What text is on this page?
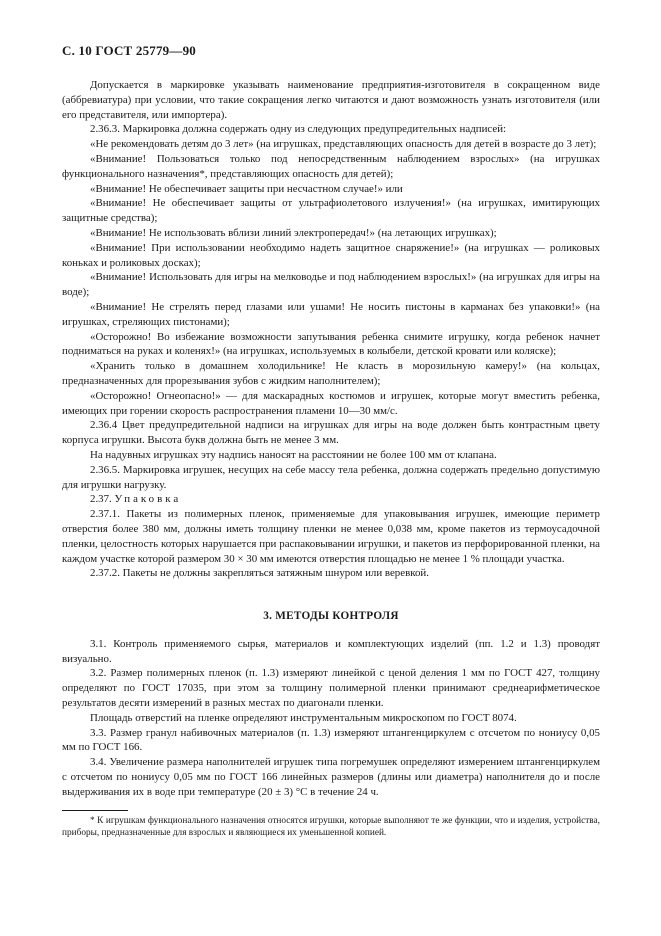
С. 10 ГОСТ 25779—90

Допускается в маркировке указывать наименование предприятия-изготовителя в сокращенном виде (аббревиатура) при условии, что такие сокращения легко читаются и дают возможность узнать изготовителя (или его представителя, или импортера).

2.36.3. Маркировка должна содержать одну из следующих предупредительных надписей:

«Не рекомендовать детям до 3 лет» (на игрушках, представляющих опасность для детей в возрасте до 3 лет);

«Внимание! Пользоваться только под непосредственным наблюдением взрослых» (на игрушках функционального назначения*, представляющих опасность для детей);

«Внимание! Не обеспечивает защиты при несчастном случае!» или

«Внимание! Не обеспечивает защиты от ультрафиолетового излучения!» (на игрушках, имитирующих защитные средства);

«Внимание! Не использовать вблизи линий электропередач!» (на летающих игрушках);

«Внимание! При использовании необходимо надеть защитное снаряжение!» (на игрушках — роликовых коньках и роликовых досках);

«Внимание! Использовать для игры на мелководье и под наблюдением взрослых!» (на игрушках для игры на воде);

«Внимание! Не стрелять перед глазами или ушами! Не носить пистоны в карманах без упаковки!» (на игрушках, стреляющих пистонами);

«Осторожно! Во избежание возможности запутывания ребенка снимите игрушку, когда ребенок начнет подниматься на руках и коленях!» (на игрушках, используемых в колыбели, детской кровати или коляске);

«Хранить только в домашнем холодильнике! Не класть в морозильную камеру!» (на кольцах, предназначенных для прорезывания зубов с жидким наполнителем);

«Осторожно! Огнеопасно!» — для маскарадных костюмов и игрушек, которые могут вместить ребенка, имеющих при горении скорость распространения пламени 10—30 мм/с.

2.36.4 Цвет предупредительной надписи на игрушках для игры на воде должен быть контрастным цвету корпуса игрушки. Высота букв должна быть не менее 3 мм.

На надувных игрушках эту надпись наносят на расстоянии не более 100 мм от клапана.

2.36.5. Маркировка игрушек, несущих на себе массу тела ребенка, должна содержать предельно допустимую для игрушки нагрузку.

2.37. Упаковка

2.37.1. Пакеты из полимерных пленок, применяемые для упаковывания игрушек, имеющие периметр отверстия более 380 мм, должны иметь толщину пленки не менее 0,038 мм, кроме пакетов из термоусадочной пленки, целостность которых нарушается при распаковывании игрушки, и пакетов из перфорированной пленки, на каждом участке которой размером 30 × 30 мм имеются отверстия площадью не менее 1 % площади участка.

2.37.2. Пакеты не должны закрепляться затяжным шнуром или веревкой.

3. МЕТОДЫ КОНТРОЛЯ

3.1. Контроль применяемого сырья, материалов и комплектующих изделий (пп. 1.2 и 1.3) проводят визуально.

3.2. Размер полимерных пленок (п. 1.3) измеряют линейкой с ценой деления 1 мм по ГОСТ 427, толщину определяют по ГОСТ 17035, при этом за толщину полимерной пленки принимают среднеарифметическое результатов десяти измерений в разных местах по диагонали пленки.

Площадь отверстий на пленке определяют инструментальным микроскопом по ГОСТ 8074.

3.3. Размер гранул набивочных материалов (п. 1.3) измеряют штангенциркулем с отсчетом по нониусу 0,05 мм по ГОСТ 166.

3.4. Увеличение размера наполнителей игрушек типа погремушек определяют измерением штангенциркулем с отсчетом по нониусу 0,05 мм по ГОСТ 166 линейных размеров (длины или диаметра) наполнителя до и после выдерживания их в воде при температуре (20 ± 3) °С в течение 24 ч.

* К игрушкам функционального назначения относятся игрушки, которые выполняют те же функции, что и изделия, устройства, приборы, предназначенные для взрослых и являющиеся их уменьшенной копией.
